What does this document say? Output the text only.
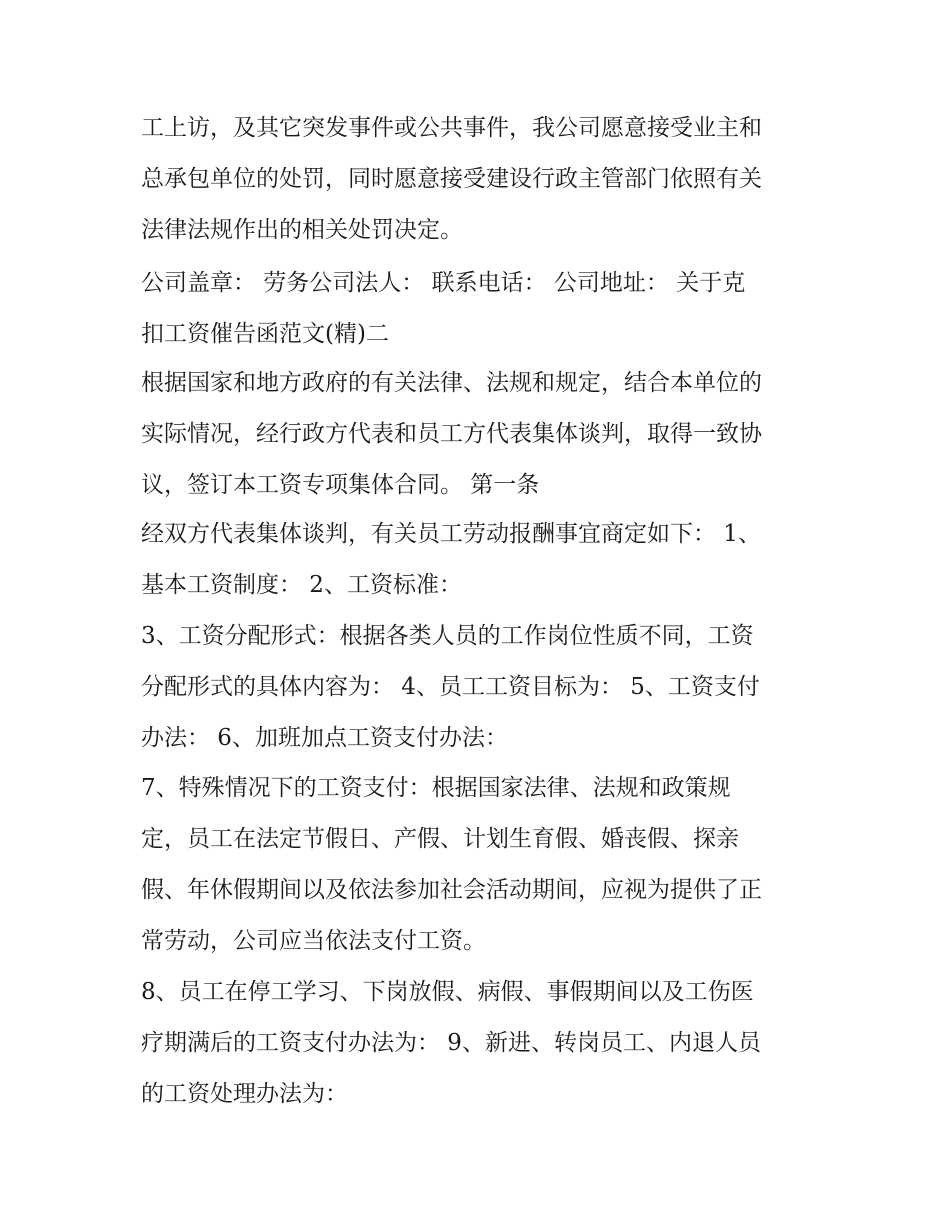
工上访，及其它突发事件或公共事件，我公司愿意接受业主和
总承包单位的处罚，同时愿意接受建设行政主管部门依照有关
法律法规作出的相关处罚决定。
公司盖章： 劳务公司法人： 联系电话： 公司地址： 关于克
扣工资催告函范文(精)二
根据国家和地方政府的有关法律、法规和规定，结合本单位的
实际情况，经行政方代表和员工方代表集体谈判，取得一致协
议，签订本工资专项集体合同。 第一条
经双方代表集体谈判，有关员工劳动报酬事宜商定如下： 1、
基本工资制度： 2、工资标准：
3、工资分配形式：根据各类人员的工作岗位性质不同，工资
分配形式的具体内容为： 4、员工工资目标为： 5、工资支付
办法： 6、加班加点工资支付办法：
7、特殊情况下的工资支付：根据国家法律、法规和政策规
定，员工在法定节假日、产假、计划生育假、婚丧假、探亲
假、年休假期间以及依法参加社会活动期间，应视为提供了正
常劳动，公司应当依法支付工资。
8、员工在停工学习、下岗放假、病假、事假期间以及工伤医
疗期满后的工资支付办法为： 9、新进、转岗员工、内退人员
的工资处理办法为：
